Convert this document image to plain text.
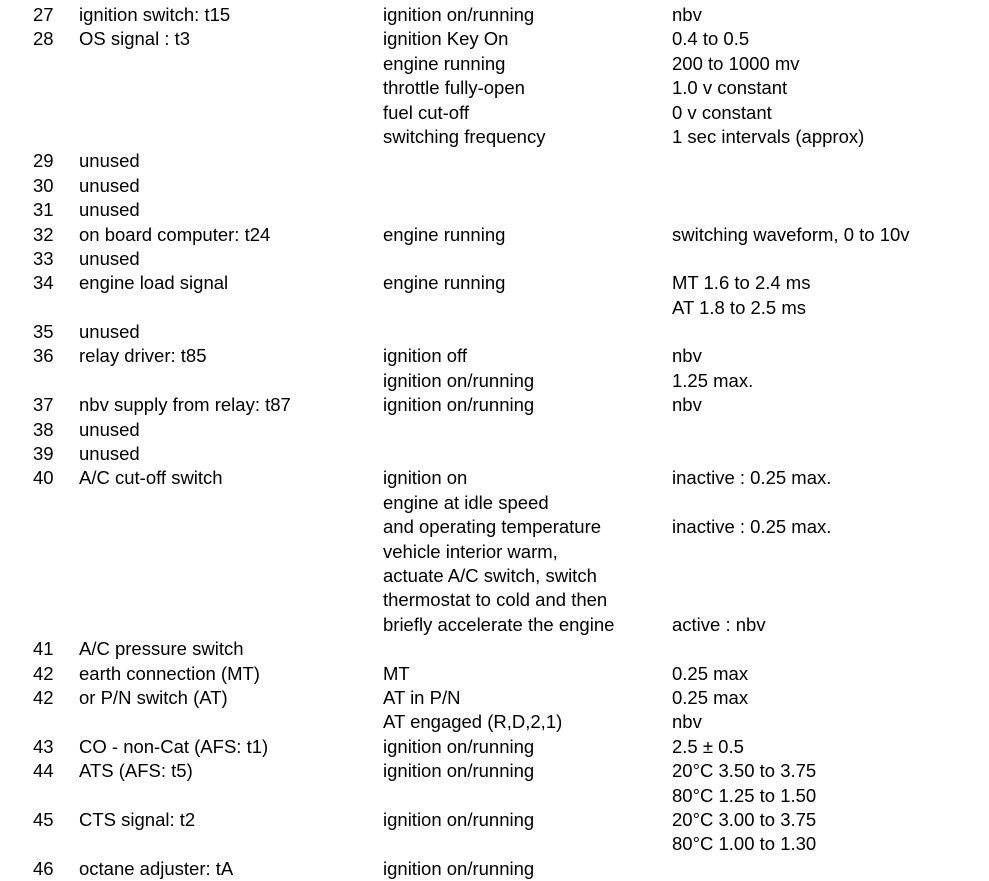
27 ignition switch: t15	ignition on/running	nbv
28 OS signal : t3	ignition Key On	0.4 to 0.5
engine running	200 to 1000 mv
throttle fully-open	1.0 v constant
fuel cut-off	0 v constant
switching frequency	1 sec intervals (approx)
29 unused
30 unused
31 unused
32 on board computer: t24	engine running	switching waveform, 0 to 10v
33 unused
34 engine load signal	engine running	MT 1.6 to 2.4 ms
AT 1.8 to 2.5 ms
35 unused
36 relay driver: t85	ignition off	nbv
ignition on/running	1.25 max.
37 nbv supply from relay: t87	ignition on/running	nbv
38 unused
39 unused
40 A/C cut-off switch	ignition on	inactive : 0.25 max.
engine at idle speed
and operating temperature	inactive : 0.25 max.
vehicle interior warm,
actuate A/C switch, switch
thermostat to cold and then
briefly accelerate the engine	active : nbv
41 A/C pressure switch
42 earth connection (MT)	MT	0.25 max
42 or P/N switch (AT)	AT in P/N	0.25 max
AT engaged (R,D,2,1)	nbv
43 CO - non-Cat (AFS: t1)	ignition on/running	2.5 ± 0.5
44 ATS (AFS: t5)	ignition on/running	20°C 3.50 to 3.75
80°C 1.25 to 1.50
45 CTS signal: t2	ignition on/running	20°C 3.00 to 3.75
80°C 1.00 to 1.30
46 octane adjuster: tA	ignition on/running
